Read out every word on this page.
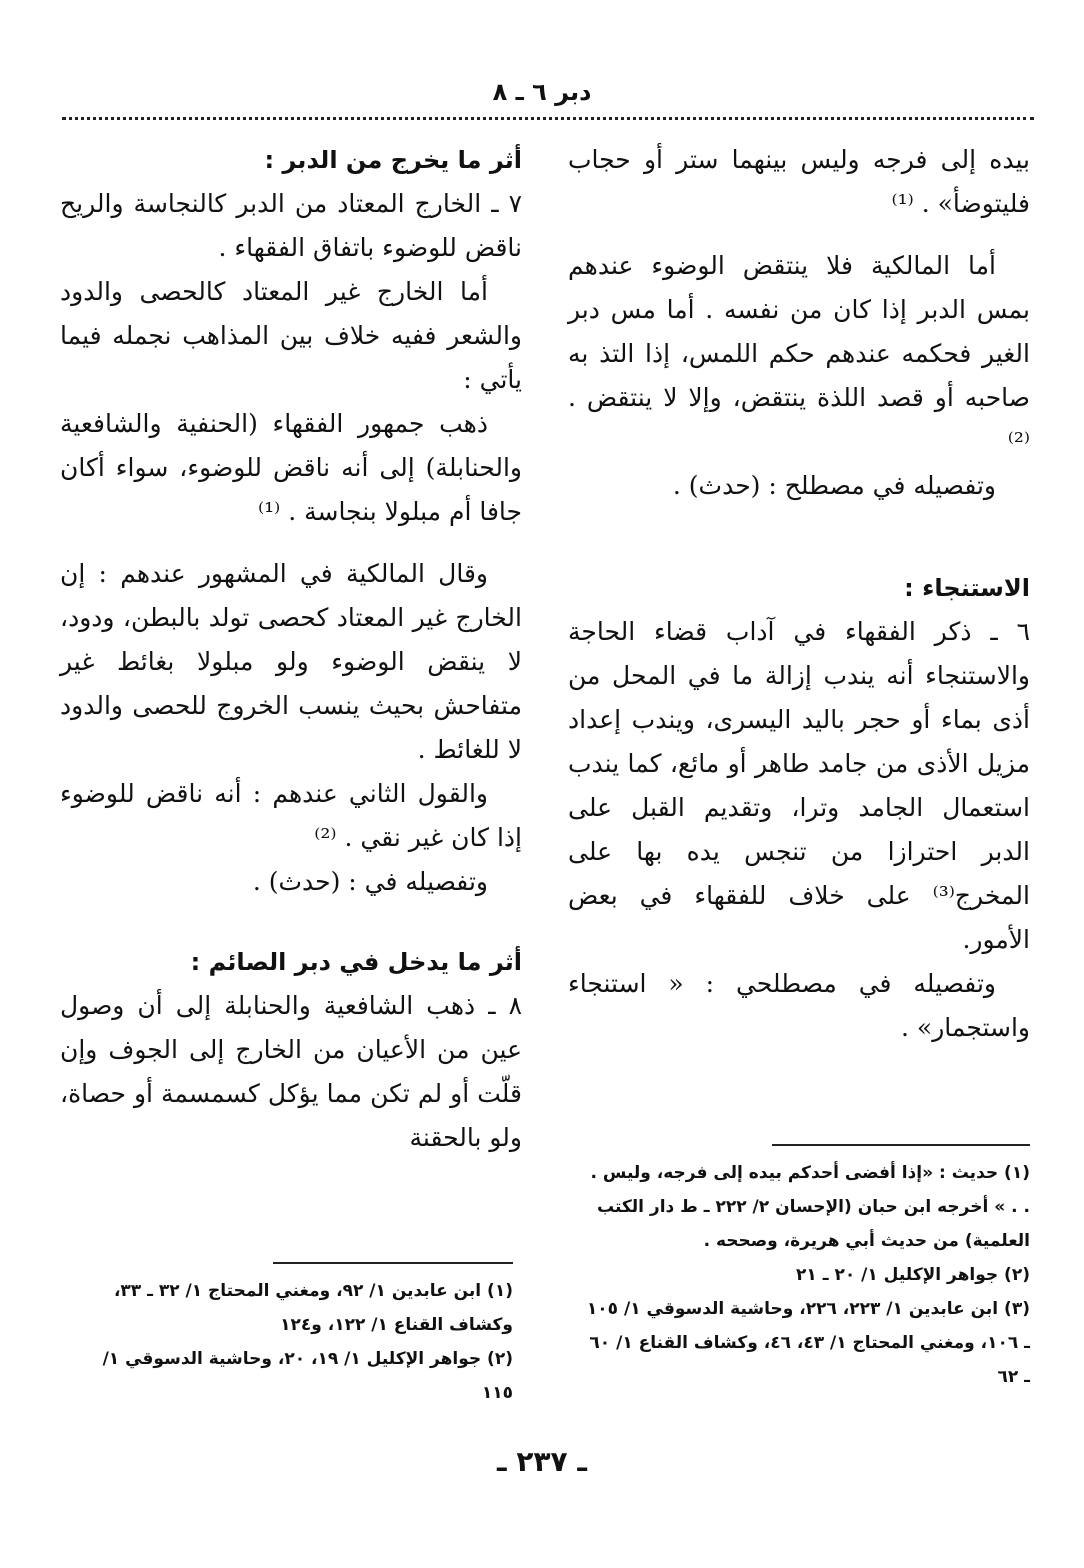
دبر ٦ ـ ٨

بيده إلى فرجه وليس بينهما ستر أو حجاب فليتوضأ» . ⁽¹⁾

أما المالكية فلا ينتقض الوضوء عندهم بمس الدبر إذا كان من نفسه . أما مس دبر الغير فحكمه عندهم حكم اللمس، إذا التذ به صاحبه أو قصد اللذة ينتقض، وإلا لا ينتقض . ⁽²⁾

وتفصيله في مصطلح : (حدث) .

الاستنجاء :

٦ ـ ذكر الفقهاء في آداب قضاء الحاجة والاستنجاء أنه يندب إزالة ما في المحل من أذى بماء أو حجر باليد اليسرى، ويندب إعداد مزيل الأذى من جامد طاهر أو مائع، كما يندب استعمال الجامد وترا، وتقديم القبل على الدبر احترازا من تنجس يده بها على المخرج⁽³⁾ على خلاف للفقهاء في بعض الأمور.

وتفصيله في مصطلحي : « استنجاء واستجمار» .

أثر ما يخرج من الدبر :

٧ ـ الخارج المعتاد من الدبر كالنجاسة والريح ناقض للوضوء باتفاق الفقهاء .

أما الخارج غير المعتاد كالحصى والدود والشعر ففيه خلاف بين المذاهب نجمله فيما يأتي :

ذهب جمهور الفقهاء (الحنفية والشافعية والحنابلة) إلى أنه ناقض للوضوء، سواء أكان جافا أم مبلولا بنجاسة . ⁽¹⁾

وقال المالكية في المشهور عندهم : إن الخارج غير المعتاد كحصى تولد بالبطن، ودود، لا ينقض الوضوء ولو مبلولا بغائط غير متفاحش بحيث ينسب الخروج للحصى والدود لا للغائط .

والقول الثاني عندهم : أنه ناقض للوضوء إذا كان غير نقي . ⁽²⁾

وتفصيله في : (حدث) .

أثر ما يدخل في دبر الصائم :

٨ ـ ذهب الشافعية والحنابلة إلى أن وصول عين من الأعيان من الخارج إلى الجوف وإن قلّت أو لم تكن مما يؤكل كسمسمة أو حصاة، ولو بالحقنة

(١) حديث : «إذا أفضى أحدكم بيده إلى فرجه، وليس . . . » أخرجه ابن حبان (الإحسان ٢/ ٢٢٢ ـ ط دار الكتب العلمية) من حديث أبي هريرة، وصححه .

(٢) جواهر الإكليل ١/ ٢٠ ـ ٢١

(٣) ابن عابدين ١/ ٢٢٣، ٢٢٦، وحاشية الدسوقي ١/ ١٠٥ ـ ١٠٦، ومغني المحتاج ١/ ٤٣، ٤٦، وكشاف القناع ١/ ٦٠ ـ ٦٢

(١) ابن عابدين ١/ ٩٢، ومغني المحتاج ١/ ٣٢ ـ ٣٣، وكشاف القناع ١/ ١٢٢، و١٢٤

(٢) جواهر الإكليل ١/ ١٩، ٢٠، وحاشية الدسوقي ١/ ١١٥

ـ ٢٣٧ ـ
